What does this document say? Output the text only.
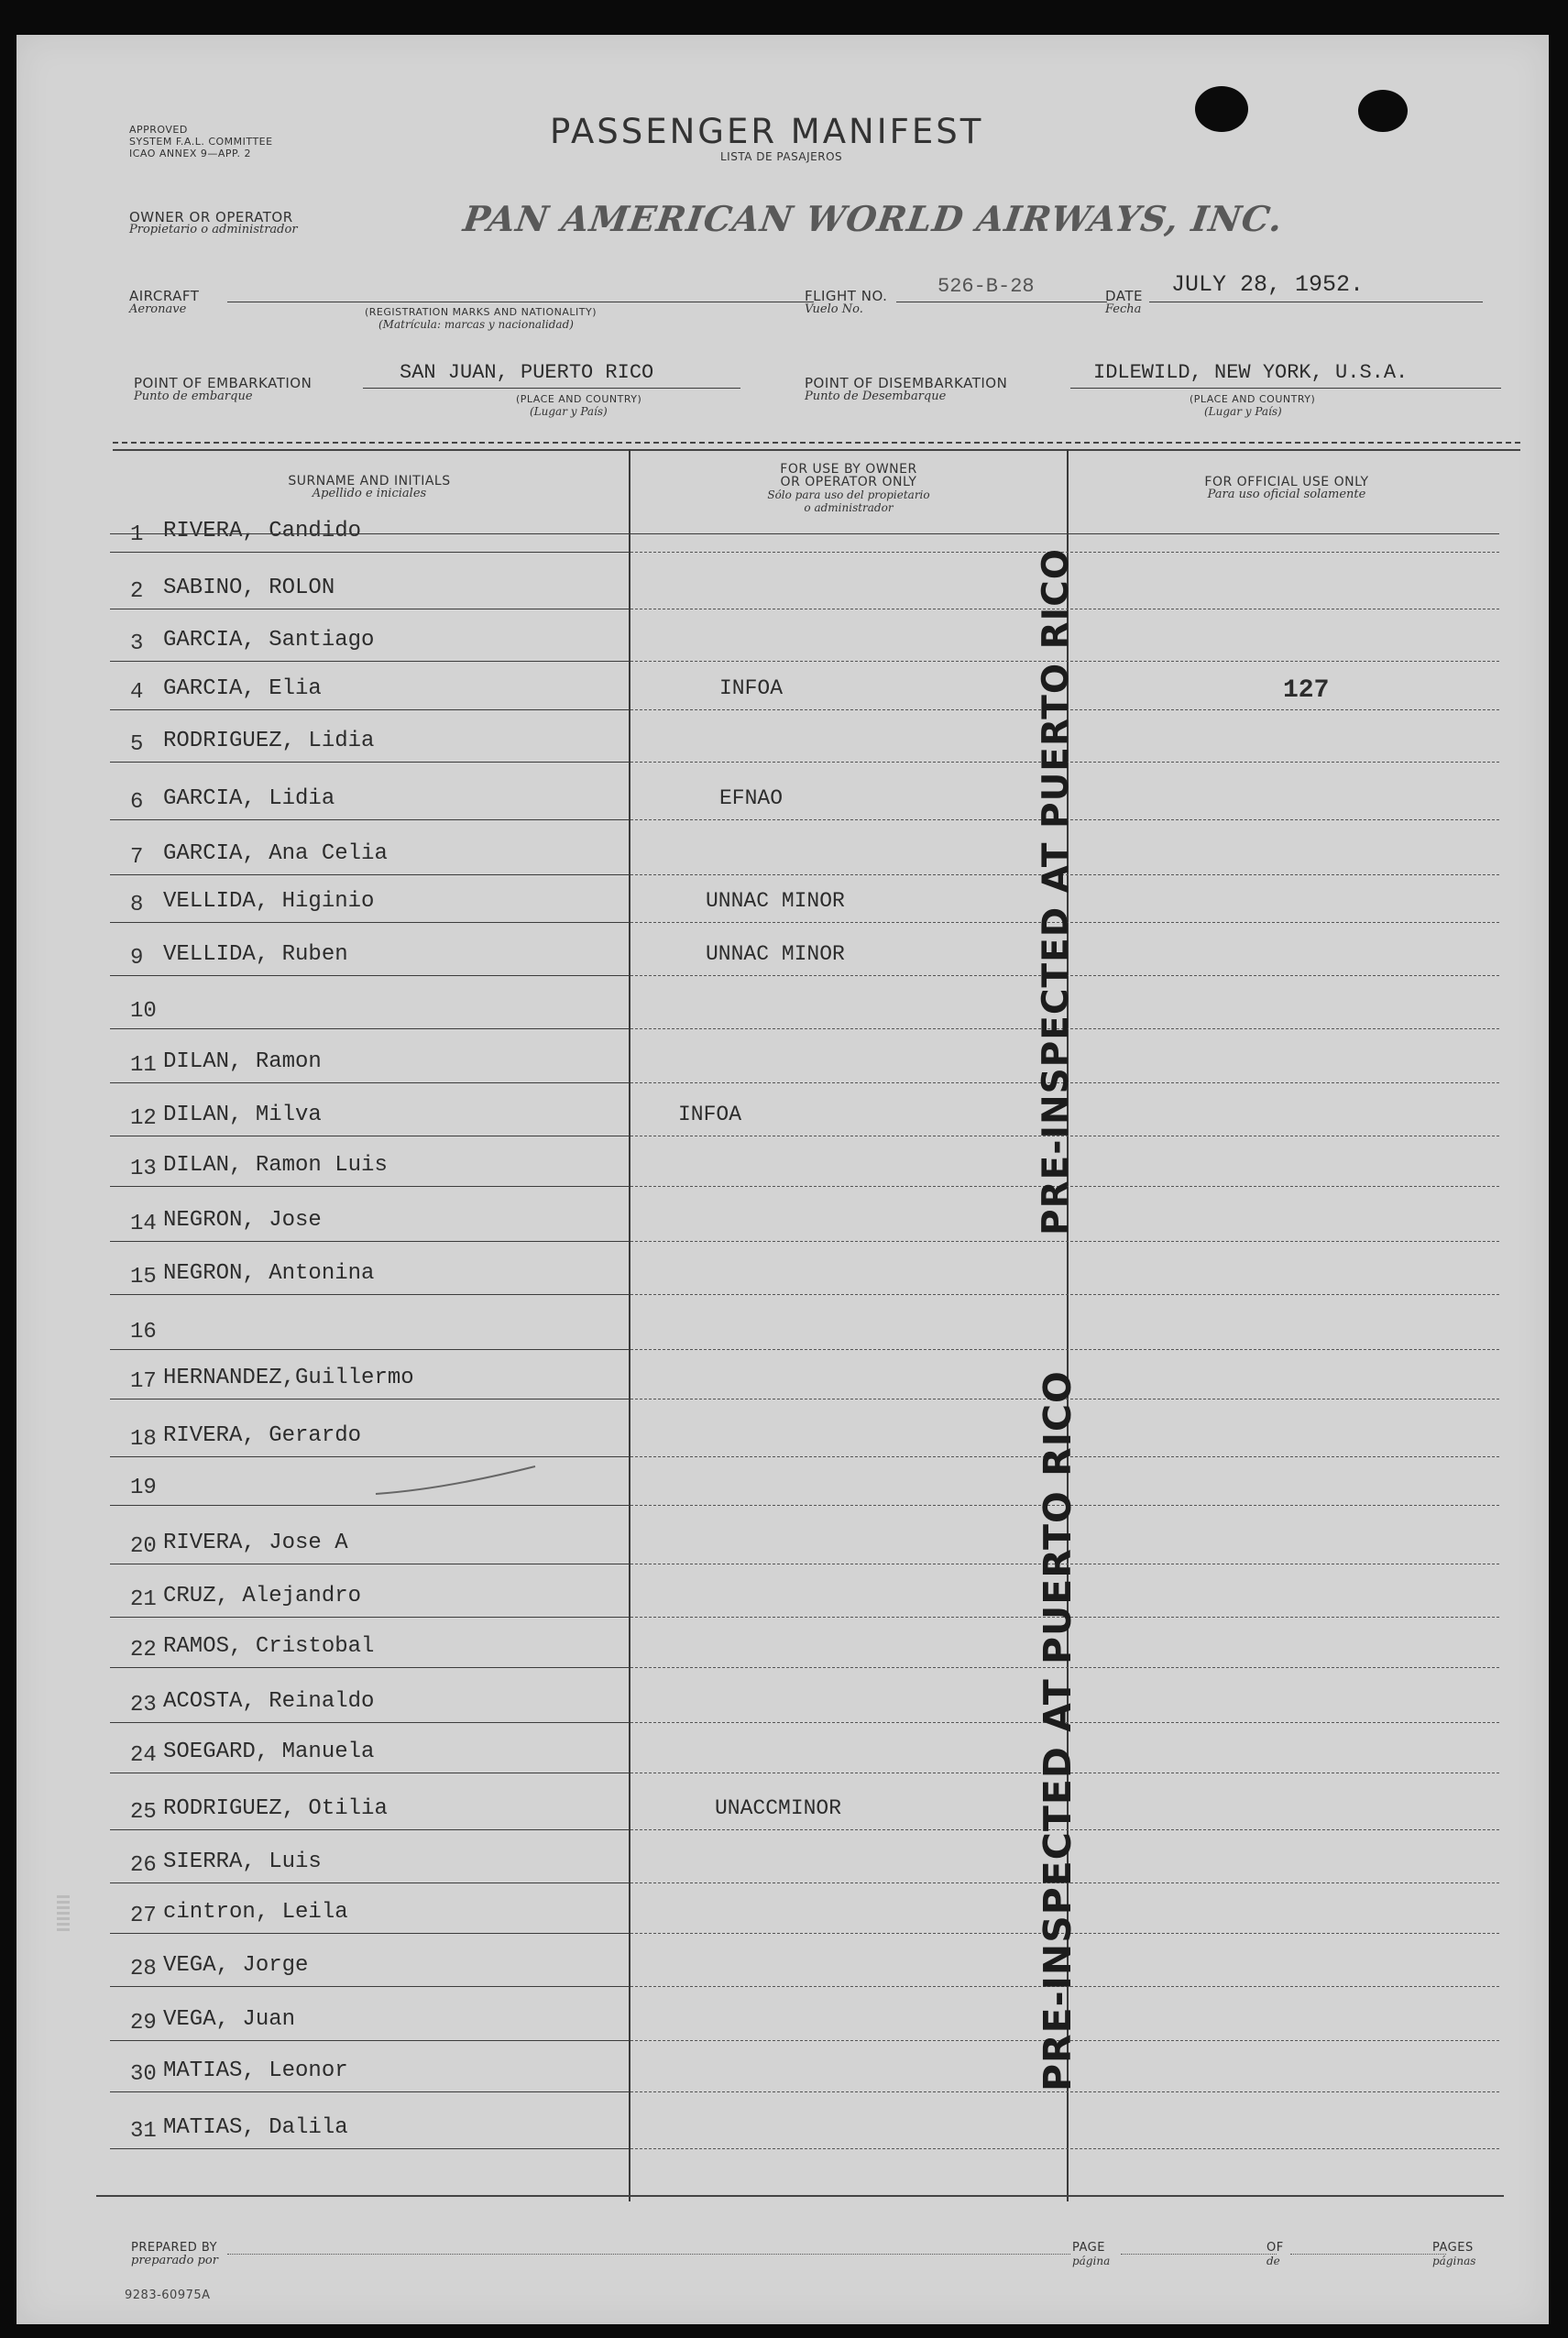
APPROVED
SYSTEM F.A.L. COMMITTEE
ICAO ANNEX 9—APP. 2
PASSENGER MANIFEST
LISTA DE PASAJEROS
OWNER OR OPERATOR
Propietario o administrador	PAN AMERICAN WORLD AIRWAYS, INC.
AIRCRAFT
Aeronave	(REGISTRATION MARKS AND NATIONALITY)
(Matrícula: marcas y nacionalidad)
FLIGHT NO.
Vuelo No.
526-B-28	DATE
Fecha
JULY 28, 1952.
POINT OF EMBARKATION
Punto de embarque
SAN JUAN, PUERTO RICO
(PLACE AND COUNTRY)
(Lugar y País)
POINT OF DISEMBARKATION
Punto de Desembarque
IDLEWILD, NEW YORK, U.S.A.
(PLACE AND COUNTRY)
(Lugar y País)
SURNAME AND INITIALS
Apellido e iniciales
FOR USE BY OWNER
OR OPERATOR ONLY
Sólo para uso del propietario
o administrador
FOR OFFICIAL USE ONLY
Para uso oficial solamente
1 RIVERA, Candido
2 SABINO, ROLON
3 GARCIA, Santiago
4 GARCIA, Elia	INFOA	127
5 RODRIGUEZ, Lidia
6 GARCIA, Lidia	EFNAO
7 GARCIA, Ana Celia
8 VELLIDA, Higinio	UNNAC MINOR
9 VELLIDA, Ruben	UNNAC MINOR
10
11 DILAN, Ramon
12 DILAN, Milva	INFOA
13 DILAN, Ramon Luis
14 NEGRON, Jose
15 NEGRON, Antonina
16
17 HERNANDEZ,Guillermo
18 RIVERA, Gerardo
19
20 RIVERA, Jose A
21 CRUZ, Alejandro
22 RAMOS, Cristobal
23 ACOSTA, Reinaldo
24 SOEGARD, Manuela
25 RODRIGUEZ, Otilia	UNACCMINOR
26 SIERRA, Luis
27 cintron, Leila
28 VEGA, Jorge
29 VEGA, Juan
30 MATIAS, Leonor
31 MATIAS, Dalila
PRE-INSPECTED AT PUERTO RICO
PRE-INSPECTED AT PUERTO RICO
PREPARED BY
preparado por
9283-60975A
PAGE
página
OF
de
PAGES
páginas
